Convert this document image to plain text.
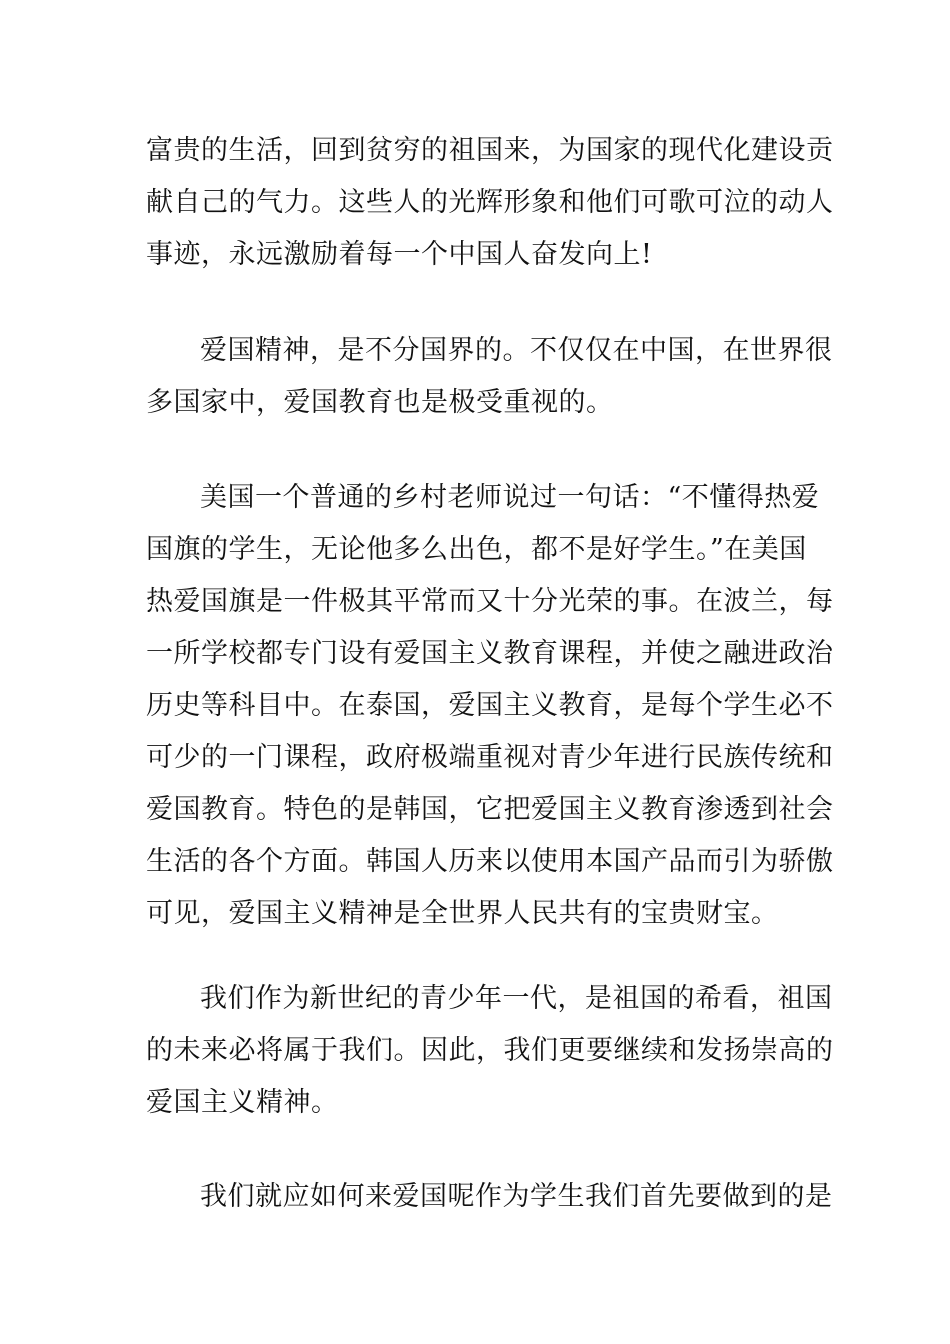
富贵的生活，回到贫穷的祖国来，为国家的现代化建设贡
献自己的气力。这些人的光辉形象和他们可歌可泣的动人
事迹，永远激励着每一个中国人奋发向上!
爱国精神，是不分国界的。不仅仅在中国，在世界很
多国家中，爱国教育也是极受重视的。
美国一个普通的乡村老师说过一句话：“不懂得热爱
国旗的学生，无论他多么出色，都不是好学生。”在美国
热爱国旗是一件极其平常而又十分光荣的事。在波兰，每
一所学校都专门设有爱国主义教育课程，并使之融进政治
历史等科目中。在泰国，爱国主义教育，是每个学生必不
可少的一门课程，政府极端重视对青少年进行民族传统和
爱国教育。特色的是韩国，它把爱国主义教育渗透到社会
生活的各个方面。韩国人历来以使用本国产品而引为骄傲
可见，爱国主义精神是全世界人民共有的宝贵财宝。
我们作为新世纪的青少年一代，是祖国的希看，祖国
的未来必将属于我们。因此，我们更要继续和发扬崇高的
爱国主义精神。
我们就应如何来爱国呢作为学生我们首先要做到的是
